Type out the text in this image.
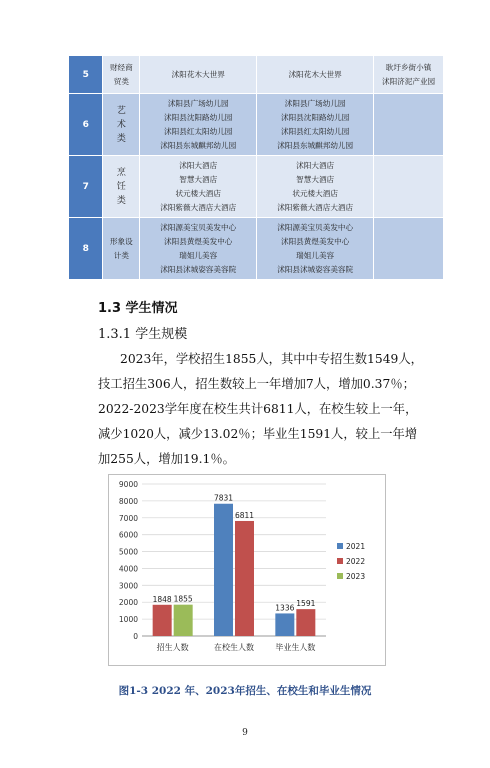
5	财经商贸类	沭阳花木大世界	沭阳花木大世界	耿圩乡街小镇
沭阳济泥产业园

6	艺术类	沭阳县广场幼儿园
沭阳县沈阳路幼儿园
沭阳县红太阳幼儿园
沭阳县东城麒邦幼儿园	沭阳县广场幼儿园
沭阳县沈阳路幼儿园
沭阳县红太阳幼儿园
沭阳县东城麒邦幼儿园	

7	烹饪类	沭阳大酒店
智慧大酒店
状元楼大酒店
沭阳紫薇大酒店大酒店	沭阳大酒店
智慧大酒店
状元楼大酒店
沭阳紫薇大酒店大酒店	

8	形象设计类	沭阳源美宝贝美发中心
沭阳县黄煜美发中心
瑞姐儿美容
沭阳县沭城姿容美容院	沭阳源美宝贝美发中心
沭阳县黄煜美发中心
瑞姐儿美容
沭阳县沭城姿容美容院	

1.3 学生情况
1.3.1 学生规模
2023年，学校招生1855人，其中中专招生数1549人，技工招生306人，招生数较上一年增加7人，增加0.37％；2022-2023学年度在校生共计6811人，在校生较上一年，减少1020人，减少13.02％；毕业生1591人，较上一年增加255人，增加19.1％。
0
1000
2000
3000
4000
5000
6000
7000
8000
9000
1848 1855
招生人数
7831
6811
在校生人数
1336 1591
毕业生人数
2021
2022
2023
图1-3 2022 年、2023年招生、在校生和毕业生情况
9
